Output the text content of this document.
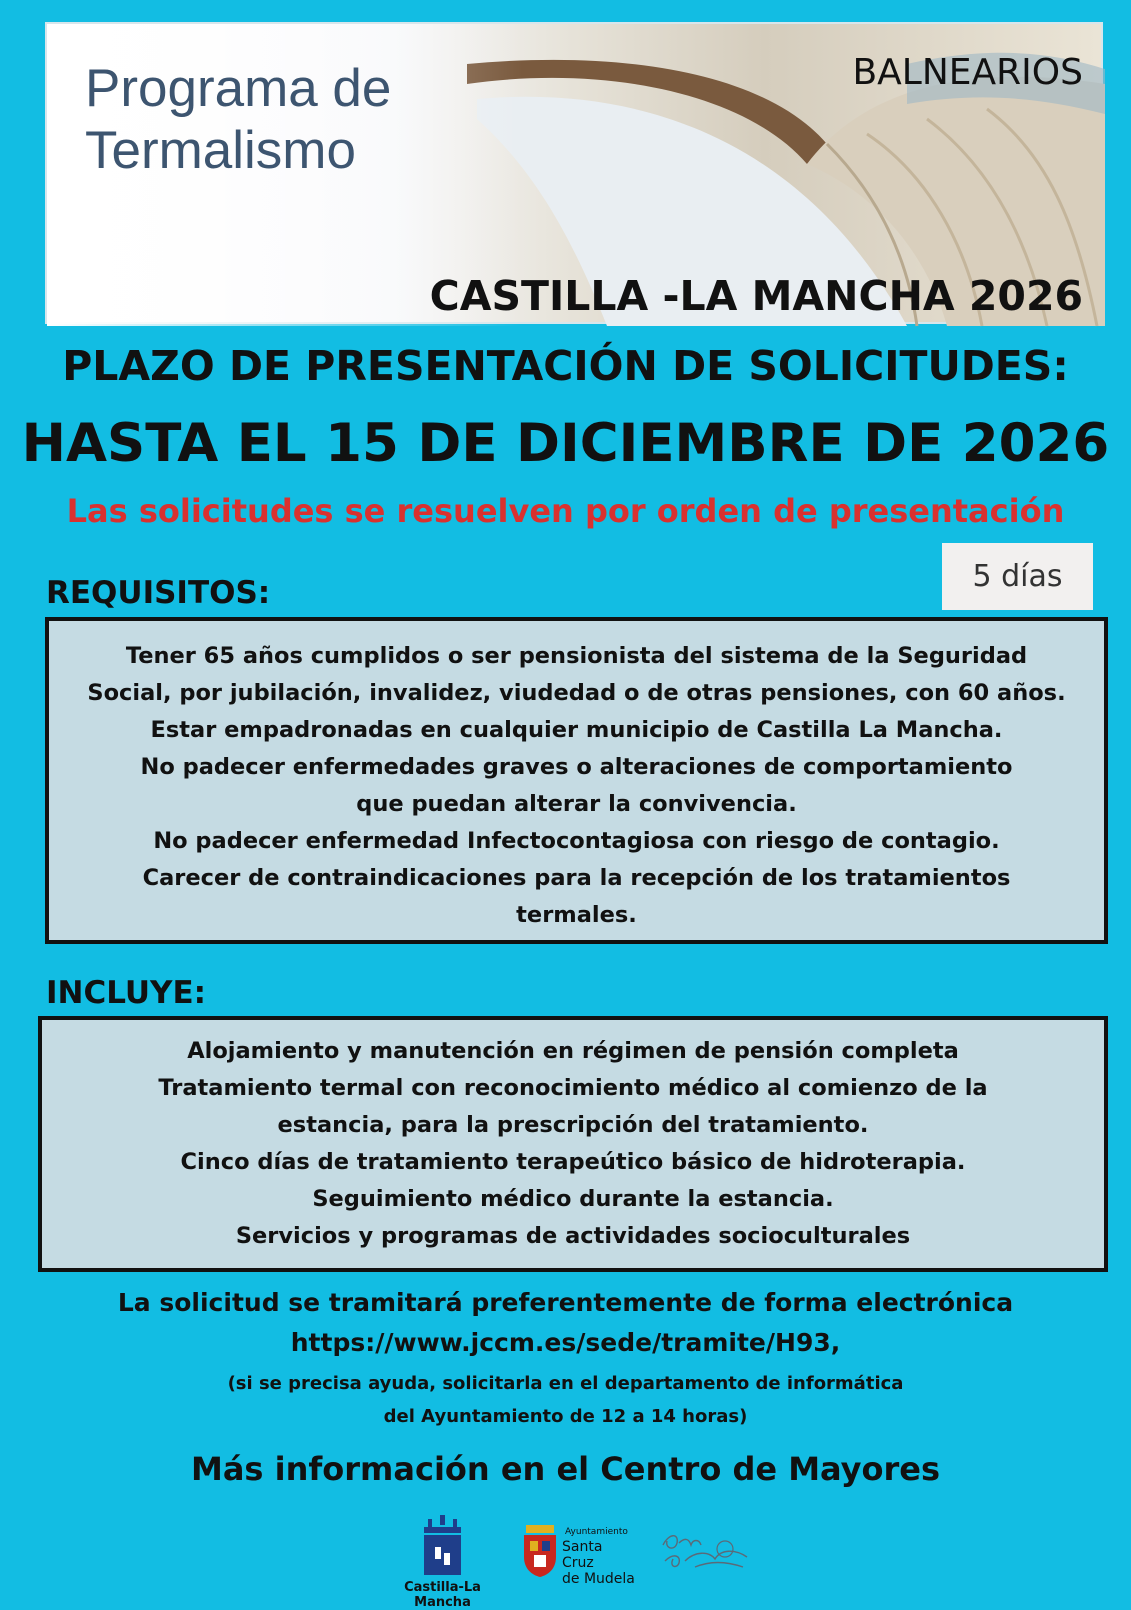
Programa de
Termalismo
BALNEARIOS
CASTILLA -LA MANCHA 2026
PLAZO DE PRESENTACIÓN DE SOLICITUDES:
HASTA EL 15 DE DICIEMBRE DE 2026
Las solicitudes se resuelven por orden de presentación
5 días
REQUISITOS:
Tener 65 años cumplidos o ser pensionista del sistema de la Seguridad
Social, por jubilación, invalidez, viudedad o de otras pensiones, con 60 años.
Estar empadronadas en cualquier municipio de Castilla La Mancha.
No padecer enfermedades graves o alteraciones de comportamiento
que puedan alterar la convivencia.
No padecer enfermedad Infectocontagiosa con riesgo de contagio.
Carecer de contraindicaciones para la recepción de los tratamientos
termales.
INCLUYE:
Alojamiento y manutención en régimen de pensión completa
Tratamiento termal con reconocimiento médico al comienzo de la
estancia, para la prescripción del tratamiento.
Cinco días de tratamiento terapeútico básico de hidroterapia.
Seguimiento médico durante la estancia.
Servicios y programas de actividades socioculturales
La solicitud se tramitará preferentemente de forma electrónica
https://www.jccm.es/sede/tramite/H93,
(si se precisa ayuda, solicitarla en el departamento de informática
del Ayuntamiento de 12 a 14 horas)
Más información en el Centro de Mayores
Castilla-La Mancha
Ayuntamiento
Santa Cruz
de Mudela
